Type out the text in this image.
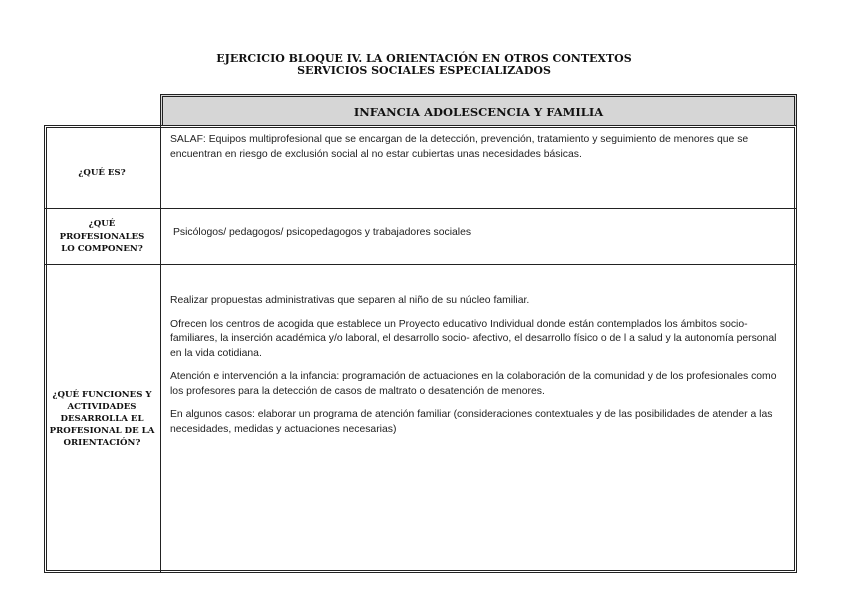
EJERCICIO BLOQUE IV. LA ORIENTACIÓN EN OTROS CONTEXTOS
SERVICIOS SOCIALES ESPECIALIZADOS
INFANCIA ADOLESCENCIA Y FAMILIA
¿QUÉ ES?

SALAF: Equipos multiprofesional que se encargan de la detección, prevención, tratamiento y seguimiento de menores que se encuentran en riesgo de exclusión social al no estar cubiertas unas necesidades básicas.

¿QUÉ PROFESIONALES LO COMPONEN?

Psicólogos/ pedagogos/ psicopedagogos y trabajadores sociales

¿QUÉ FUNCIONES Y ACTIVIDADES DESARROLLA EL PROFESIONAL DE LA ORIENTACIÓN?

Realizar propuestas administrativas que separen al niño de su núcleo familiar.

Ofrecen los centros de acogida que establece un Proyecto educativo Individual donde están contemplados los ámbitos socio- familiares, la inserción académica y/o laboral, el desarrollo socio- afectivo, el desarrollo físico o de l a salud y la autonomía personal en la vida cotidiana.

Atención e intervención a la infancia: programación de actuaciones en la colaboración de la comunidad y de los profesionales como los profesores para la detección de casos de maltrato o desatención de menores.

En algunos casos: elaborar un programa de atención familiar (consideraciones contextuales y de las posibilidades de atender a las necesidades, medidas y actuaciones necesarias)
